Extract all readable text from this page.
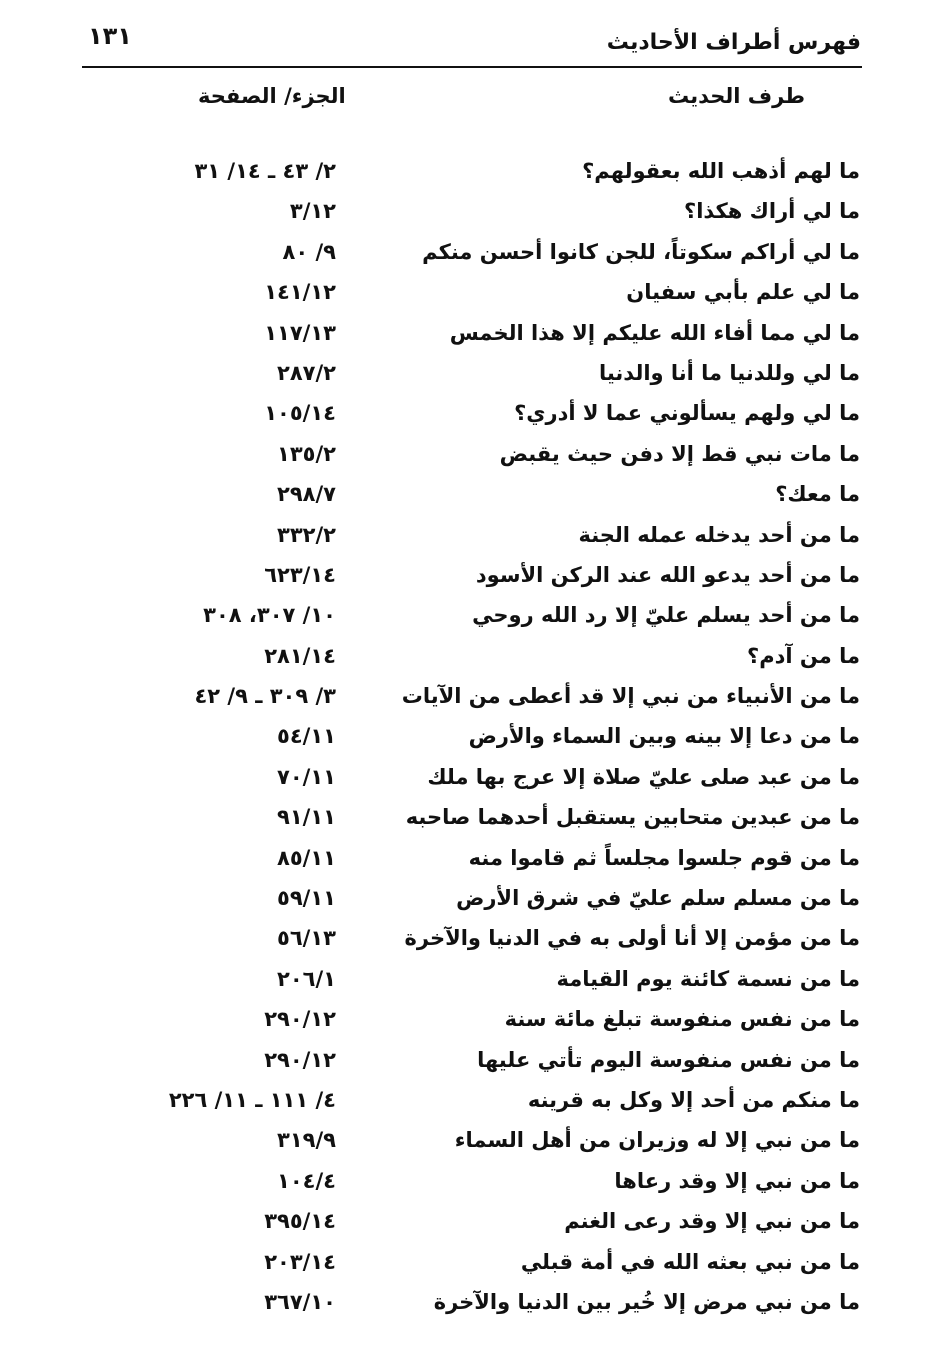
فهرس أطراف الأحاديث
١٣١
طرف الحديث
الجزء/ الصفحة
ما لهم أذهب الله بعقولهم؟
٢/ ٤٣ ـ ١٤/ ٣١
ما لي أراك هكذا؟
٣/١٢
ما لي أراكم سكوتاً، للجن كانوا أحسن منكم
٩/ ٨٠
ما لي علم بأبي سفيان
١٤١/١٢
ما لي مما أفاء الله عليكم إلا هذا الخمس
١١٧/١٣
ما لي وللدنيا ما أنا والدنيا
٢٨٧/٢
ما لي ولهم يسألوني عما لا أدري؟
١٠٥/١٤
ما مات نبي قط إلا دفن حيث يقبض
١٣٥/٢
ما معك؟
٢٩٨/٧
ما من أحد يدخله عمله الجنة
٣٣٢/٢
ما من أحد يدعو الله عند الركن الأسود
٦٢٣/١٤
ما من أحد يسلم عليّ إلا رد الله روحي
١٠/ ٣٠٧، ٣٠٨
ما من آدم؟
٢٨١/١٤
ما من الأنبياء من نبي إلا قد أعطى من الآيات
٣/ ٣٠٩ ـ ٩/ ٤٢
ما من دعا إلا بينه وبين السماء والأرض
٥٤/١١
ما من عبد صلى عليّ صلاة إلا عرج بها ملك
٧٠/١١
ما من عبدين متحابين يستقبل أحدهما صاحبه
٩١/١١
ما من قوم جلسوا مجلساً ثم قاموا منه
٨٥/١١
ما من مسلم سلم عليّ في شرق الأرض
٥٩/١١
ما من مؤمن إلا أنا أولى به في الدنيا والآخرة
٥٦/١٣
ما من نسمة كائنة يوم القيامة
٢٠٦/١
ما من نفس منفوسة تبلغ مائة سنة
٢٩٠/١٢
ما من نفس منفوسة اليوم تأتي عليها
٢٩٠/١٢
ما منكم من أحد إلا وكل به قرينه
٤/ ١١١ ـ ١١/ ٢٢٦
ما من نبي إلا له وزيران من أهل السماء
٣١٩/٩
ما من نبي إلا وقد رعاها
١٠٤/٤
ما من نبي إلا وقد رعى الغنم
٣٩٥/١٤
ما من نبي بعثه الله في أمة قبلي
٢٠٣/١٤
ما من نبي مرض إلا خُير بين الدنيا والآخرة
٣٦٧/١٠
